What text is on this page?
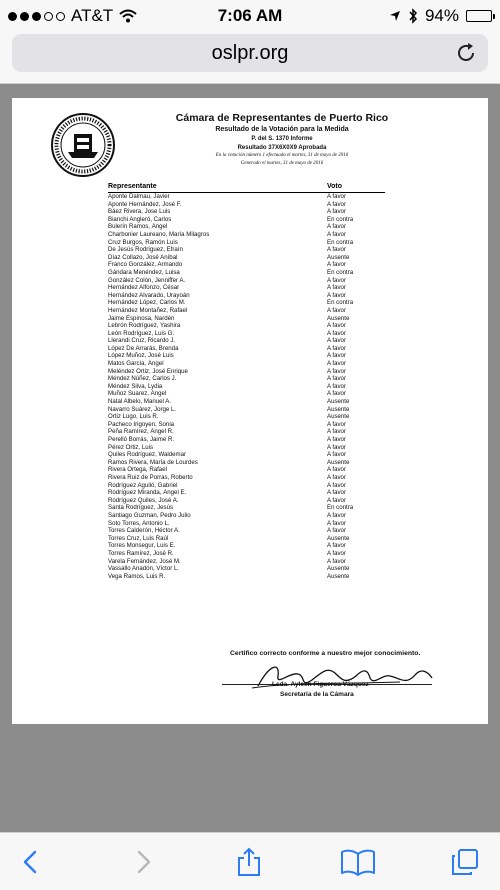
AT&T	7:06 AM	94%
oslpr.org
Cámara de Representantes de Puerto Rico
Resultado de la Votación para la Medida
P. del S. 1370 Informe
Resultado 37X6X0X9 Aprobada
En la votación número 1 efectuada el martes, 31 de mayo de 2016
Generado el martes, 31 de mayo de 2016
Representante	Voto
Aponte Dalmau, Javier	A favor
Aponte Hernández, José F.	A favor
Báez Rivera, Jose Luis	A favor
Bianchi Angleró, Carlos	En contra
Bulerín Ramos, Ángel	A favor
Charbonier Laureano, María Milagros	A favor
Cruz Burgos, Ramón Luis	En contra
De Jesús Rodríguez, Efraín	A favor
Díaz Collazo, José Aníbal	Ausente
Franco González, Armando	A favor
Gándara Menéndez, Luisa	En contra
González Colón, Jenniffer A.	A favor
Hernández Alfonzo, César	A favor
Hernández Alvarado, Urayoán	A favor
Hernández López, Carlos M.	En contra
Hernández Montañez, Rafael	A favor
Jaime Espinosa, Nardén	Ausente
Lebrón Rodríguez, Yashira	A favor
León Rodríguez, Luis G.	A favor
Llerandi Cruz, Ricardo J.	A favor
López De Arrarás, Brenda	A favor
López Muñoz, José Luis	A favor
Matos García, Ángel	A favor
Meléndez Ortiz, José Enrique	A favor
Méndez Núñez, Carlos J.	A favor
Méndez Silva, Lydia	A favor
Muñoz Suarez, Ángel	A favor
Natal Albelo, Manuel A.	Ausente
Navarro Suárez, Jorge L.	Ausente
Ortiz Lugo, Luis R.	Ausente
Pacheco Irigoyen, Sonia	A favor
Peña Ramírez, Ángel R.	A favor
Perelló Borrás, Jaime R.	A favor
Pérez Ortiz, Luis	A favor
Quiles Rodríguez, Waldemar	A favor
Ramos Rivera, María de Lourdes	Ausente
Rivera Ortega, Rafael	A favor
Rivera Ruiz de Porras, Roberto	A favor
Rodríguez Aguiló, Gabriel	A favor
Rodríguez Miranda, Ángel E.	A favor
Rodríguez Quiles, José A.	A favor
Santa Rodríguez, Jesús	En contra
Santiago Guzman, Pedro Julio	A favor
Soto Torres, Antonio L.	A favor
Torres Calderón, Héctor A.	A favor
Torres Cruz, Luis Raúl	Ausente
Torres Monsegur, Luis E.	A favor
Torres Ramírez, José R.	A favor
Varela Fernández, José M.	A favor
Vassallo Anadón, Víctor L.	Ausente
Vega Ramos, Luis R.	Ausente
Certifico correcto conforme a nuestro mejor conocimiento.
Lcda. Ayleen Figueroa Vázquez
Secretaria de la Cámara
